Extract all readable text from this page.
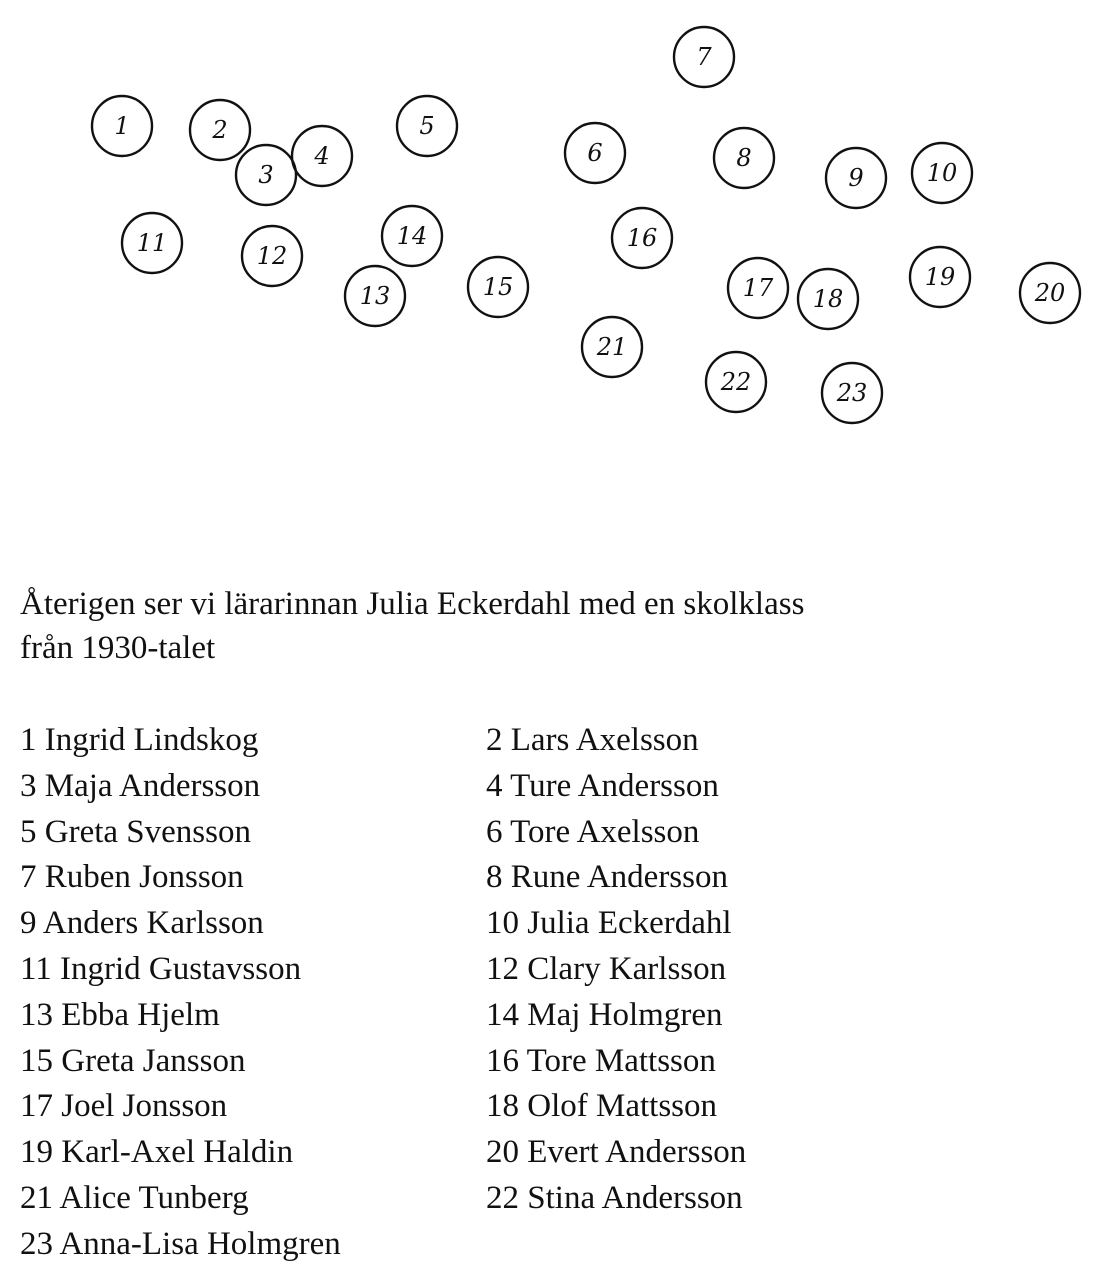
1	2
3
4
5
6
7
8
9	10
11	12
13
14
15
16
17 18
19
20
21
22	23
Återigen ser vi lärarinnan Julia Eckerdahl med en skolklass
från 1930-talet
1 Ingrid Lindskog	2 Lars Axelsson
3 Maja Andersson	4 Ture Andersson
5 Greta Svensson	6 Tore Axelsson
7 Ruben Jonsson	8 Rune Andersson
9 Anders Karlsson	10 Julia Eckerdahl
11 Ingrid Gustavsson	12 Clary Karlsson
13 Ebba Hjelm	14 Maj Holmgren
15 Greta Jansson	16 Tore Mattsson
17 Joel Jonsson	18 Olof Mattsson
19 Karl-Axel Haldin	20 Evert Andersson
21 Alice Tunberg	22 Stina Andersson
23 Anna-Lisa Holmgren
